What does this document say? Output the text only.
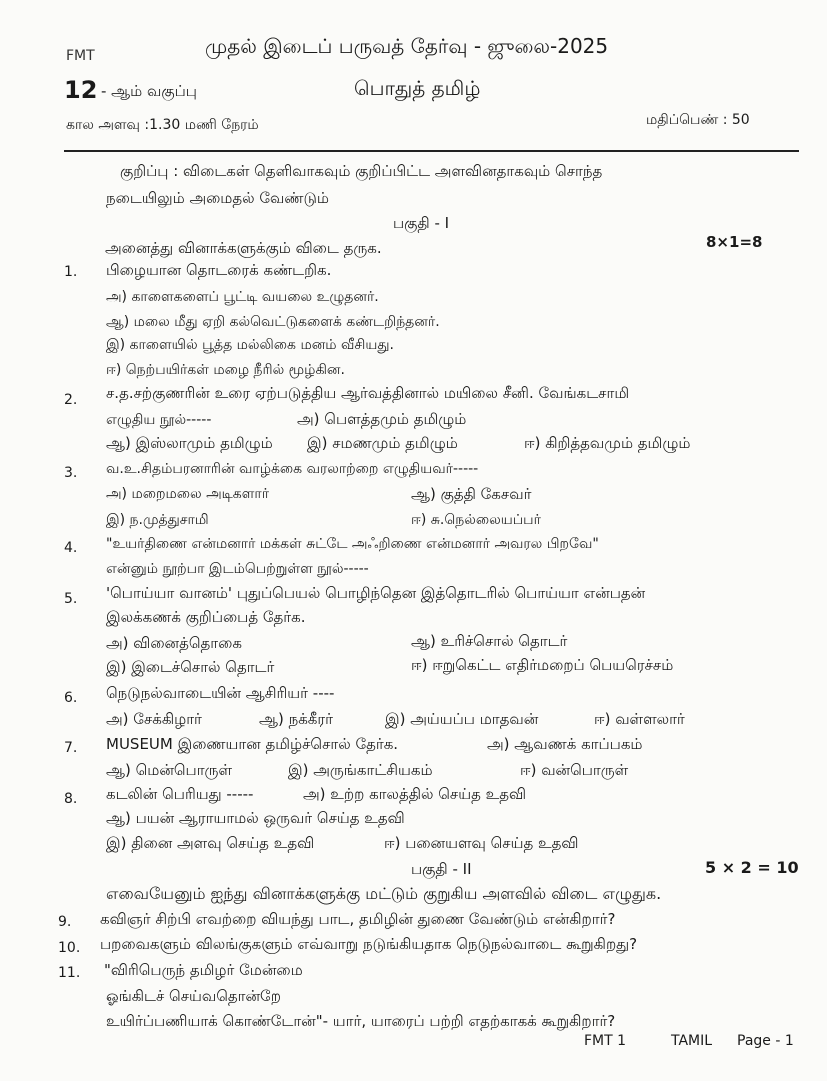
FMT	முதல் இடைப் பருவத் தேர்வு - ஜுலை-2025
12 - ஆம் வகுப்பு	பொதுத் தமிழ்
கால அளவு :1.30 மணி நேரம்	மதிப்பெண் : 50
குறிப்பு : விடைகள் தெளிவாகவும் குறிப்பிட்ட அளவினதாகவும் சொந்த
நடையிலும் அமைதல் வேண்டும்
பகுதி - I
அனைத்து வினாக்களுக்கும் விடை தருக.	8×1=8
1. பிழையான தொடரைக் கண்டறிக.
அ) காளைகளைப் பூட்டி வயலை உழுதனர்.
ஆ) மலை மீது ஏறி கல்வெட்டுகளைக் கண்டறிந்தனர்.
இ) காளையில் பூத்த மல்லிகை மனம் வீசியது.
ஈ) நெற்பயிர்கள் மழை நீரில் மூழ்கின.
2. ச.த.சற்குணரின் உரை ஏற்படுத்திய ஆர்வத்தினால் மயிலை சீனி. வேங்கடசாமி
எழுதிய நூல்-----	அ) பௌத்தமும் தமிழும்
ஆ) இஸ்லாமும் தமிழும் இ) சமணமும் தமிழும்	ஈ) கிறித்தவமும் தமிழும்
3. வ.உ.சிதம்பரனாரின் வாழ்க்கை வரலாற்றை எழுதியவர்-----
அ) மறைமலை அடிகளார்	ஆ) குத்தி கேசவர்
இ) ந.முத்துசாமி	ஈ) சு.நெல்லையப்பர்
4. "உயர்திணை என்மனார் மக்கள் சுட்டே அஃறிணை என்மனார் அவரல பிறவே"
என்னும் நூற்பா இடம்பெற்றுள்ள நூல்-----
5. 'பொய்யா வானம்' புதுப்பெயல் பொழிந்தென இத்தொடரில் பொய்யா என்பதன்
இலக்கணக் குறிப்பைத் தேர்க.
அ) வினைத்தொகை	ஆ) உரிச்சொல் தொடர்
இ) இடைச்சொல் தொடர்	ஈ) ஈறுகெட்ட எதிர்மறைப் பெயரெச்சம்
6. நெடுநல்வாடையின் ஆசிரியர் ----
அ) சேக்கிழார்	ஆ) நக்கீரர்	இ) அய்யப்ப மாதவன்	ஈ) வள்ளலார்
7. MUSEUM இணையான தமிழ்ச்சொல் தேர்க.	அ) ஆவணக் காப்பகம்
ஆ) மென்பொருள்	இ) அருங்காட்சியகம்	ஈ) வன்பொருள்
8. கடலின் பெரியது -----	அ) உற்ற காலத்தில் செய்த உதவி
ஆ) பயன் ஆராயாமல் ஒருவர் செய்த உதவி
இ) தினை அளவு செய்த உதவி	ஈ) பனையளவு செய்த உதவி
பகுதி - II	5 × 2 = 10
எவையேனும் ஐந்து வினாக்களுக்கு மட்டும் குறுகிய அளவில் விடை எழுதுக.
9. கவிஞர் சிற்பி எவற்றை வியந்து பாட, தமிழின் துணை வேண்டும் என்கிறார்?
10. பறவைகளும் விலங்குகளும் எவ்வாறு நடுங்கியதாக நெடுநல்வாடை கூறுகிறது?
11. "விரிபெருந் தமிழர் மேன்மை
ஓங்கிடச் செய்வதொன்றே
உயிர்ப்பணியாக் கொண்டோன்"- யார், யாரைப் பற்றி எதற்காகக் கூறுகிறார்?
FMT 1	TAMIL Page - 1
